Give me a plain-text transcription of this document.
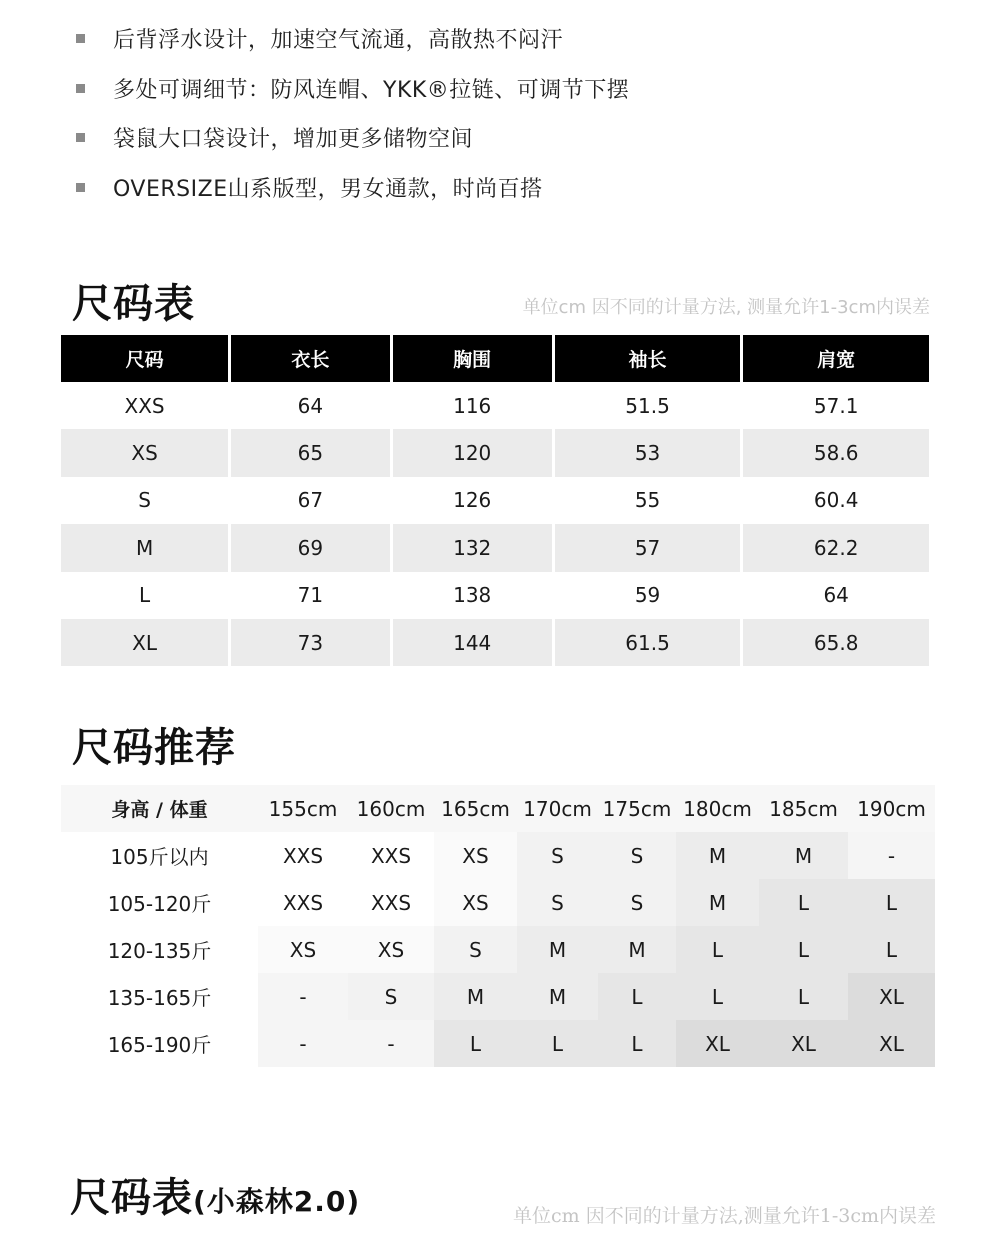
后背浮水设计，加速空气流通，高散热不闷汗
多处可调细节：防风连帽、YKK®拉链、可调节下摆
袋鼠大口袋设计，增加更多储物空间
OVERSIZE山系版型，男女通款，时尚百搭
尺码表	单位cm 因不同的计量方法, 测量允许1-3cm内误差
尺码	衣长	胸围	袖长	肩宽
XXS	64	116	51.5	57.1
XS	65	120	53	58.6
S	67	126	55	60.4
M	69	132	57	62.2
L	71	138	59	64
XL	73	144	61.5	65.8
尺码推荐
身高 / 体重	155cm 160cm 165cm 170cm 175cm 180cm 185cm 190cm
105斤以内	XXS	XXS	XS	S	S	M	M	-
105-120斤	XXS	XXS	XS	S	S	M	L	L
120-135斤	XS	XS	S	M	M	L	L	L
135-165斤	-	S	M	M	L	L	L	XL
165-190斤	-	-	L	L	L	XL	XL	XL
尺码表(小森林2.0)	单位cm 因不同的计量方法,测量允许1-3cm内误差
